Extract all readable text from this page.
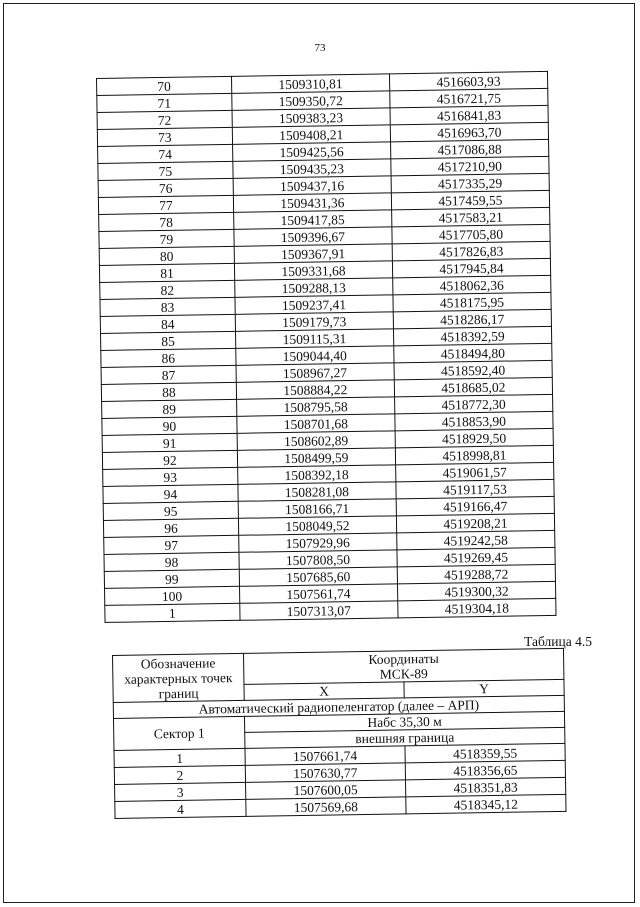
73
70	1509310,81	4516603,93
71	1509350,72	4516721,75
72	1509383,23	4516841,83
73	1509408,21	4516963,70
74	1509425,56	4517086,88
75	1509435,23	4517210,90
76	1509437,16	4517335,29
77	1509431,36	4517459,55
78	1509417,85	4517583,21
79	1509396,67	4517705,80
80	1509367,91	4517826,83
81	1509331,68	4517945,84
82	1509288,13	4518062,36
83	1509237,41	4518175,95
84	1509179,73	4518286,17
85	1509115,31	4518392,59
86	1509044,40	4518494,80
87	1508967,27	4518592,40
88	1508884,22	4518685,02
89	1508795,58	4518772,30
90	1508701,68	4518853,90
91	1508602,89	4518929,50
92	1508499,59	4518998,81
93	1508392,18	4519061,57
94	1508281,08	4519117,53
95	1508166,71	4519166,47
96	1508049,52	4519208,21
97	1507929,96	4519242,58
98	1507808,50	4519269,45
99	1507685,60	4519288,72
100	1507561,74	4519300,32
1	1507313,07	4519304,18
Таблица 4.5
Обозначение характерных точек границ	Координаты
МСК-89	

	X	Y
Автоматический радиопеленгатор (далее – АРП)		
Сектор 1	Набс 35,30 м	
	внешняя граница	
1	1507661,74	4518359,55
2	1507630,77	4518356,65
3	1507600,05	4518351,83
4	1507569,68	4518345,12
